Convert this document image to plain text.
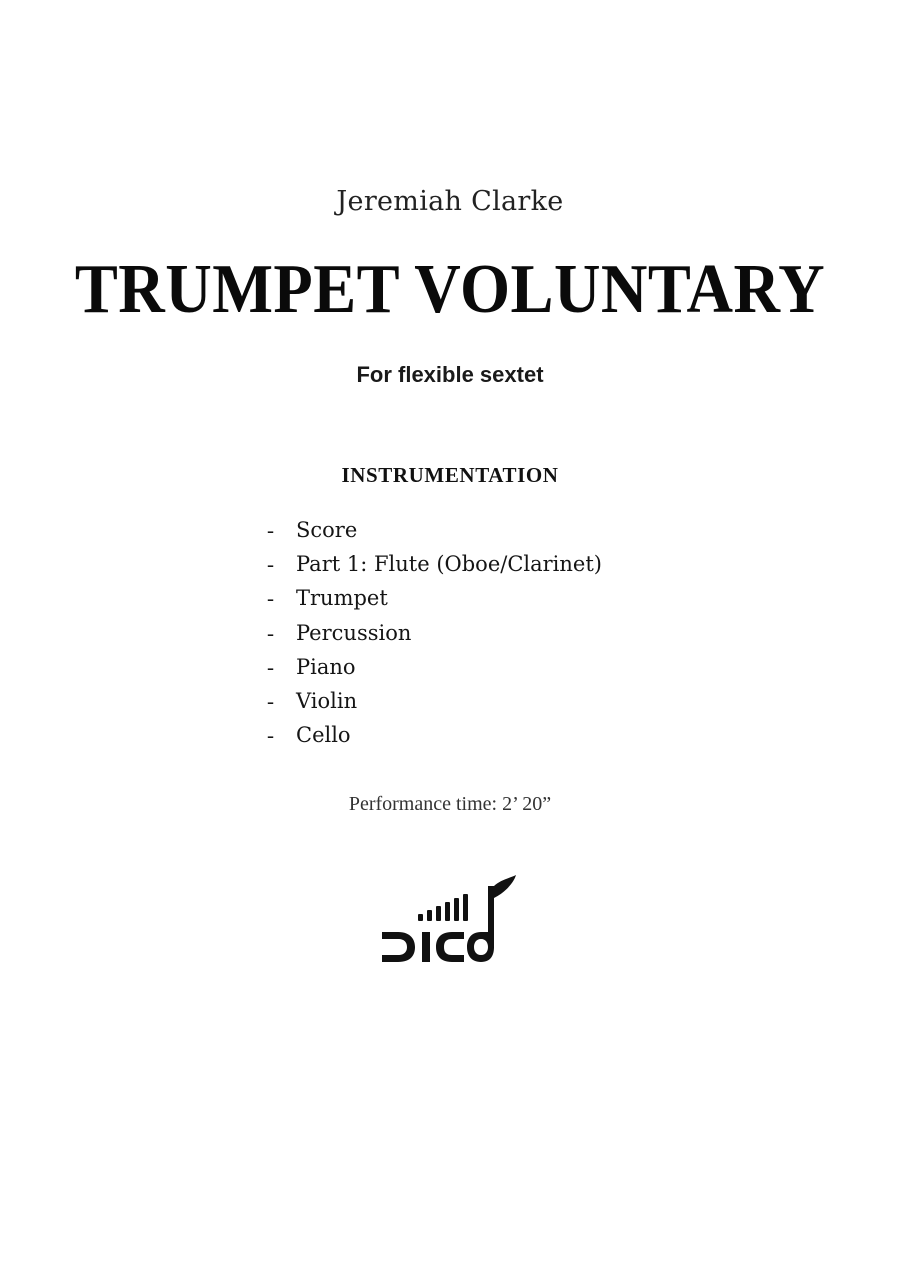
Jeremiah Clarke
TRUMPET VOLUNTARY
For flexible sextet
INSTRUMENTATION
- Score
- Part 1: Flute (Oboe/Clarinet)
- Trumpet
- Percussion
- Piano
- Violin
- Cello
Performance time: 2’ 20”
